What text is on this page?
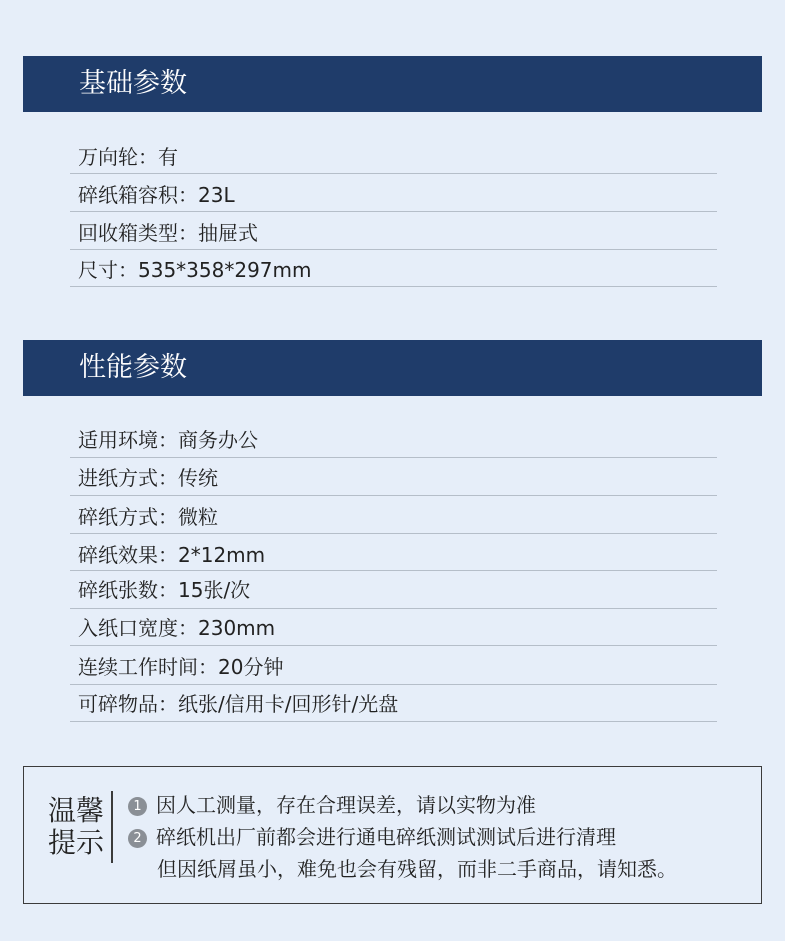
基础参数
万向轮：有
碎纸箱容积：23L
回收箱类型：抽屉式
尺寸：535*358*297mm
性能参数
适用环境：商务办公
进纸方式：传统
碎纸方式：微粒
碎纸效果：2*12mm
碎纸张数：15张/次
入纸口宽度：230mm
连续工作时间：20分钟
可碎物品：纸张/信用卡/回形针/光盘
温馨
提示
1 因人工测量，存在合理误差，请以实物为准
2 碎纸机出厂前都会进行通电碎纸测试测试后进行清理
但因纸屑虽小，难免也会有残留，而非二手商品，请知悉。
